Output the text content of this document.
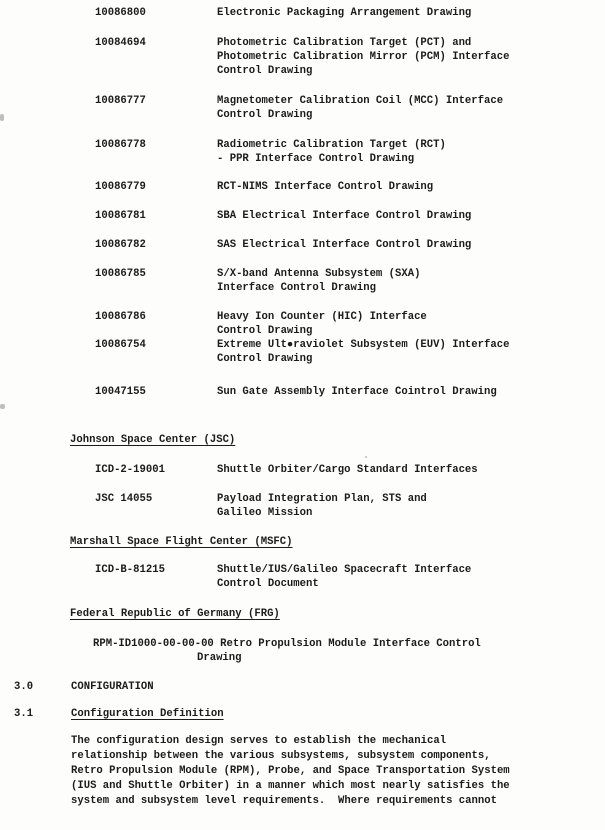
10086800	Electronic Packaging Arrangement Drawing
10084694	Photometric Calibration Target (PCT) and
Photometric Calibration Mirror (PCM) Interface
Control Drawing
10086777	Magnetometer Calibration Coil (MCC) Interface
Control Drawing
10086778	Radiometric Calibration Target (RCT)
- PPR Interface Control Drawing
10086779	RCT-NIMS Interface Control Drawing
10086781	SBA Electrical Interface Control Drawing
10086782	SAS Electrical Interface Control Drawing
10086785	S/X-band Antenna Subsystem (SXA)
Interface Control Drawing
10086786	Heavy Ion Counter (HIC) Interface
Control Drawing
10086754	Extreme Ult●raviolet Subsystem (EUV) Interface
Control Drawing
10047155	Sun Gate Assembly Interface Cointrol Drawing
Johnson Space Center (JSC)
ICD-2-19001	Shuttle Orbiter/Cargo Standard Interfaces
JSC 14055	Payload Integration Plan, STS and
Galileo Mission
Marshall Space Flight Center (MSFC)
ICD-B-81215	Shuttle/IUS/Galileo Spacecraft Interface
Control Document
Federal Republic of Germany (FRG)
RPM-ID1000-00-00-00 Retro Propulsion Module Interface Control
Drawing
3.0	CONFIGURATION
3.1	Configuration Definition
The configuration design serves to establish the mechanical
relationship between the various subsystems, subsystem components,
Retro Propulsion Module (RPM), Probe, and Space Transportation System
(IUS and Shuttle Orbiter) in a manner which most nearly satisfies the
system and subsystem level requirements.  Where requirements cannot
